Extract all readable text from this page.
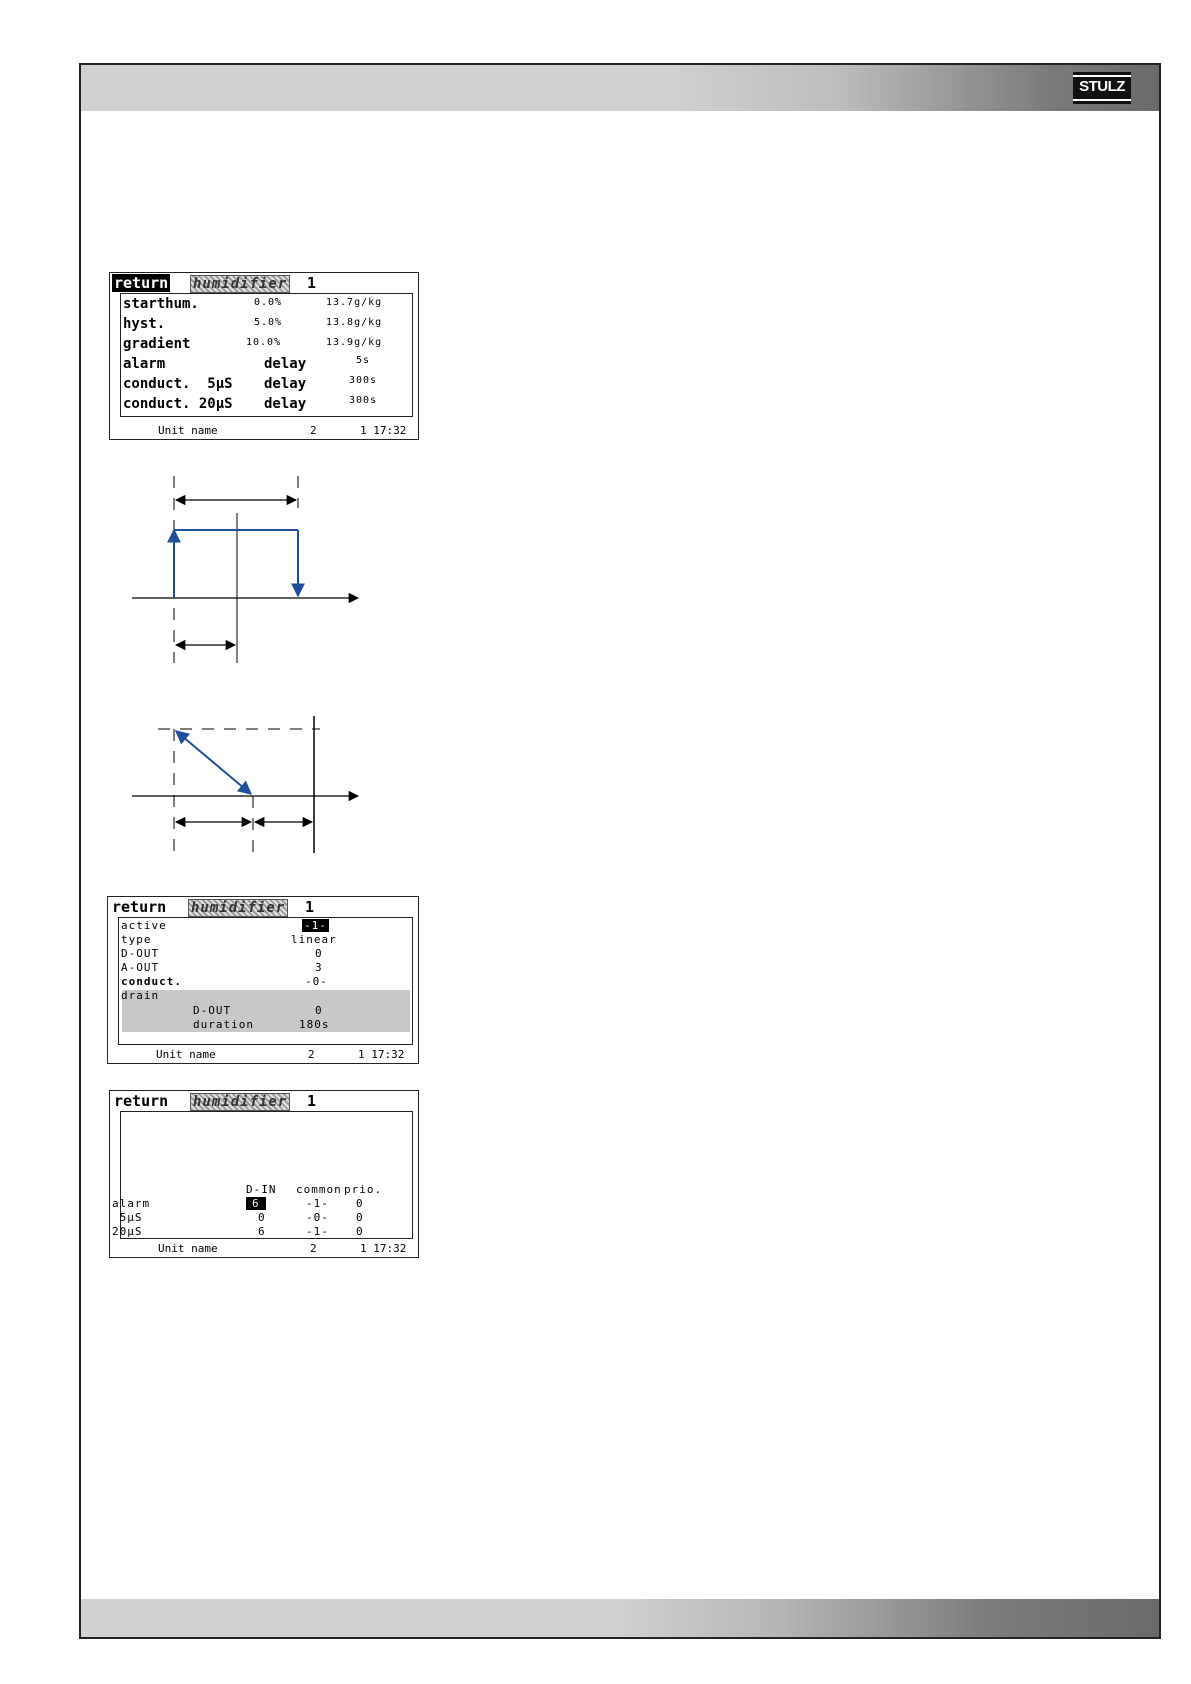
STULZ
return humidifier 1
starthum.	0.0%	13.7g/kg
hyst.	5.0%	13.8g/kg
gradient	10.0%	13.9g/kg
alarm	delay	5s
conduct.  5µS delay	300s
conduct. 20µS delay	300s
Unit name	2	1 17:32
return humidifier 1
active	-1-
type	linear
D-OUT	0
A-OUT	3
conduct.	-0-
drain
D-OUT	0
duration	180s
Unit name	2	1 17:32
return humidifier 1
D-IN common prio.
alarm	6	-1- 0
5µS	0	-0- 0
20µS	6	-1- 0
Unit name	2	1 17:32
